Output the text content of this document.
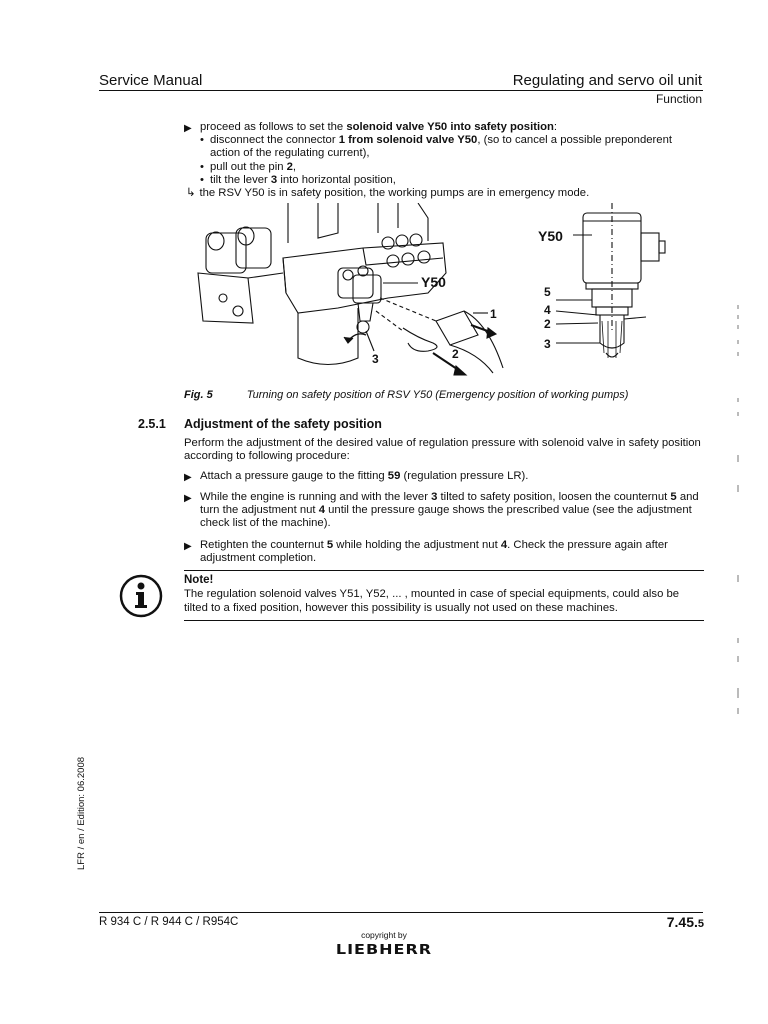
Service Manual	Regulating and servo oil unit
Function
▶ proceed as follows to set the solenoid valve Y50 into safety position:
• disconnect the connector 1 from solenoid valve Y50, (so to cancel a possible preponderent action of the regulating current),
• pull out the pin 2,
• tilt the lever 3 into horizontal position,
↳ the RSV Y50 is in safety position, the working pumps are in emergency mode.
Y50
1
2
3
Y50
5
4
2
3
Fig. 5	Turning on safety position of RSV Y50 (Emergency position of working pumps)
2.5.1 Adjustment of the safety position
Perform the adjustment of the desired value of regulation pressure with solenoid valve in safety position according to following procedure:
▶ Attach a pressure gauge to the fitting 59 (regulation pressure LR).
▶ While the engine is running and with the lever 3 tilted to safety position, loosen the counternut 5 and turn the adjustment nut 4 until the pressure gauge shows the prescribed value (see the adjustment check list of the machine).
▶ Retighten the counternut 5 while holding the adjustment nut 4. Check the pressure again after adjustment completion.
Note!
The regulation solenoid valves Y51, Y52, ... , mounted in case of special equipments, could also be tilted to a fixed position, however this possibility is usually not used on these machines.
LFR / en / Edition: 06.2008
R 934 C / R 944 C / R954C	7.45.5
copyright by
LIEBHERR
